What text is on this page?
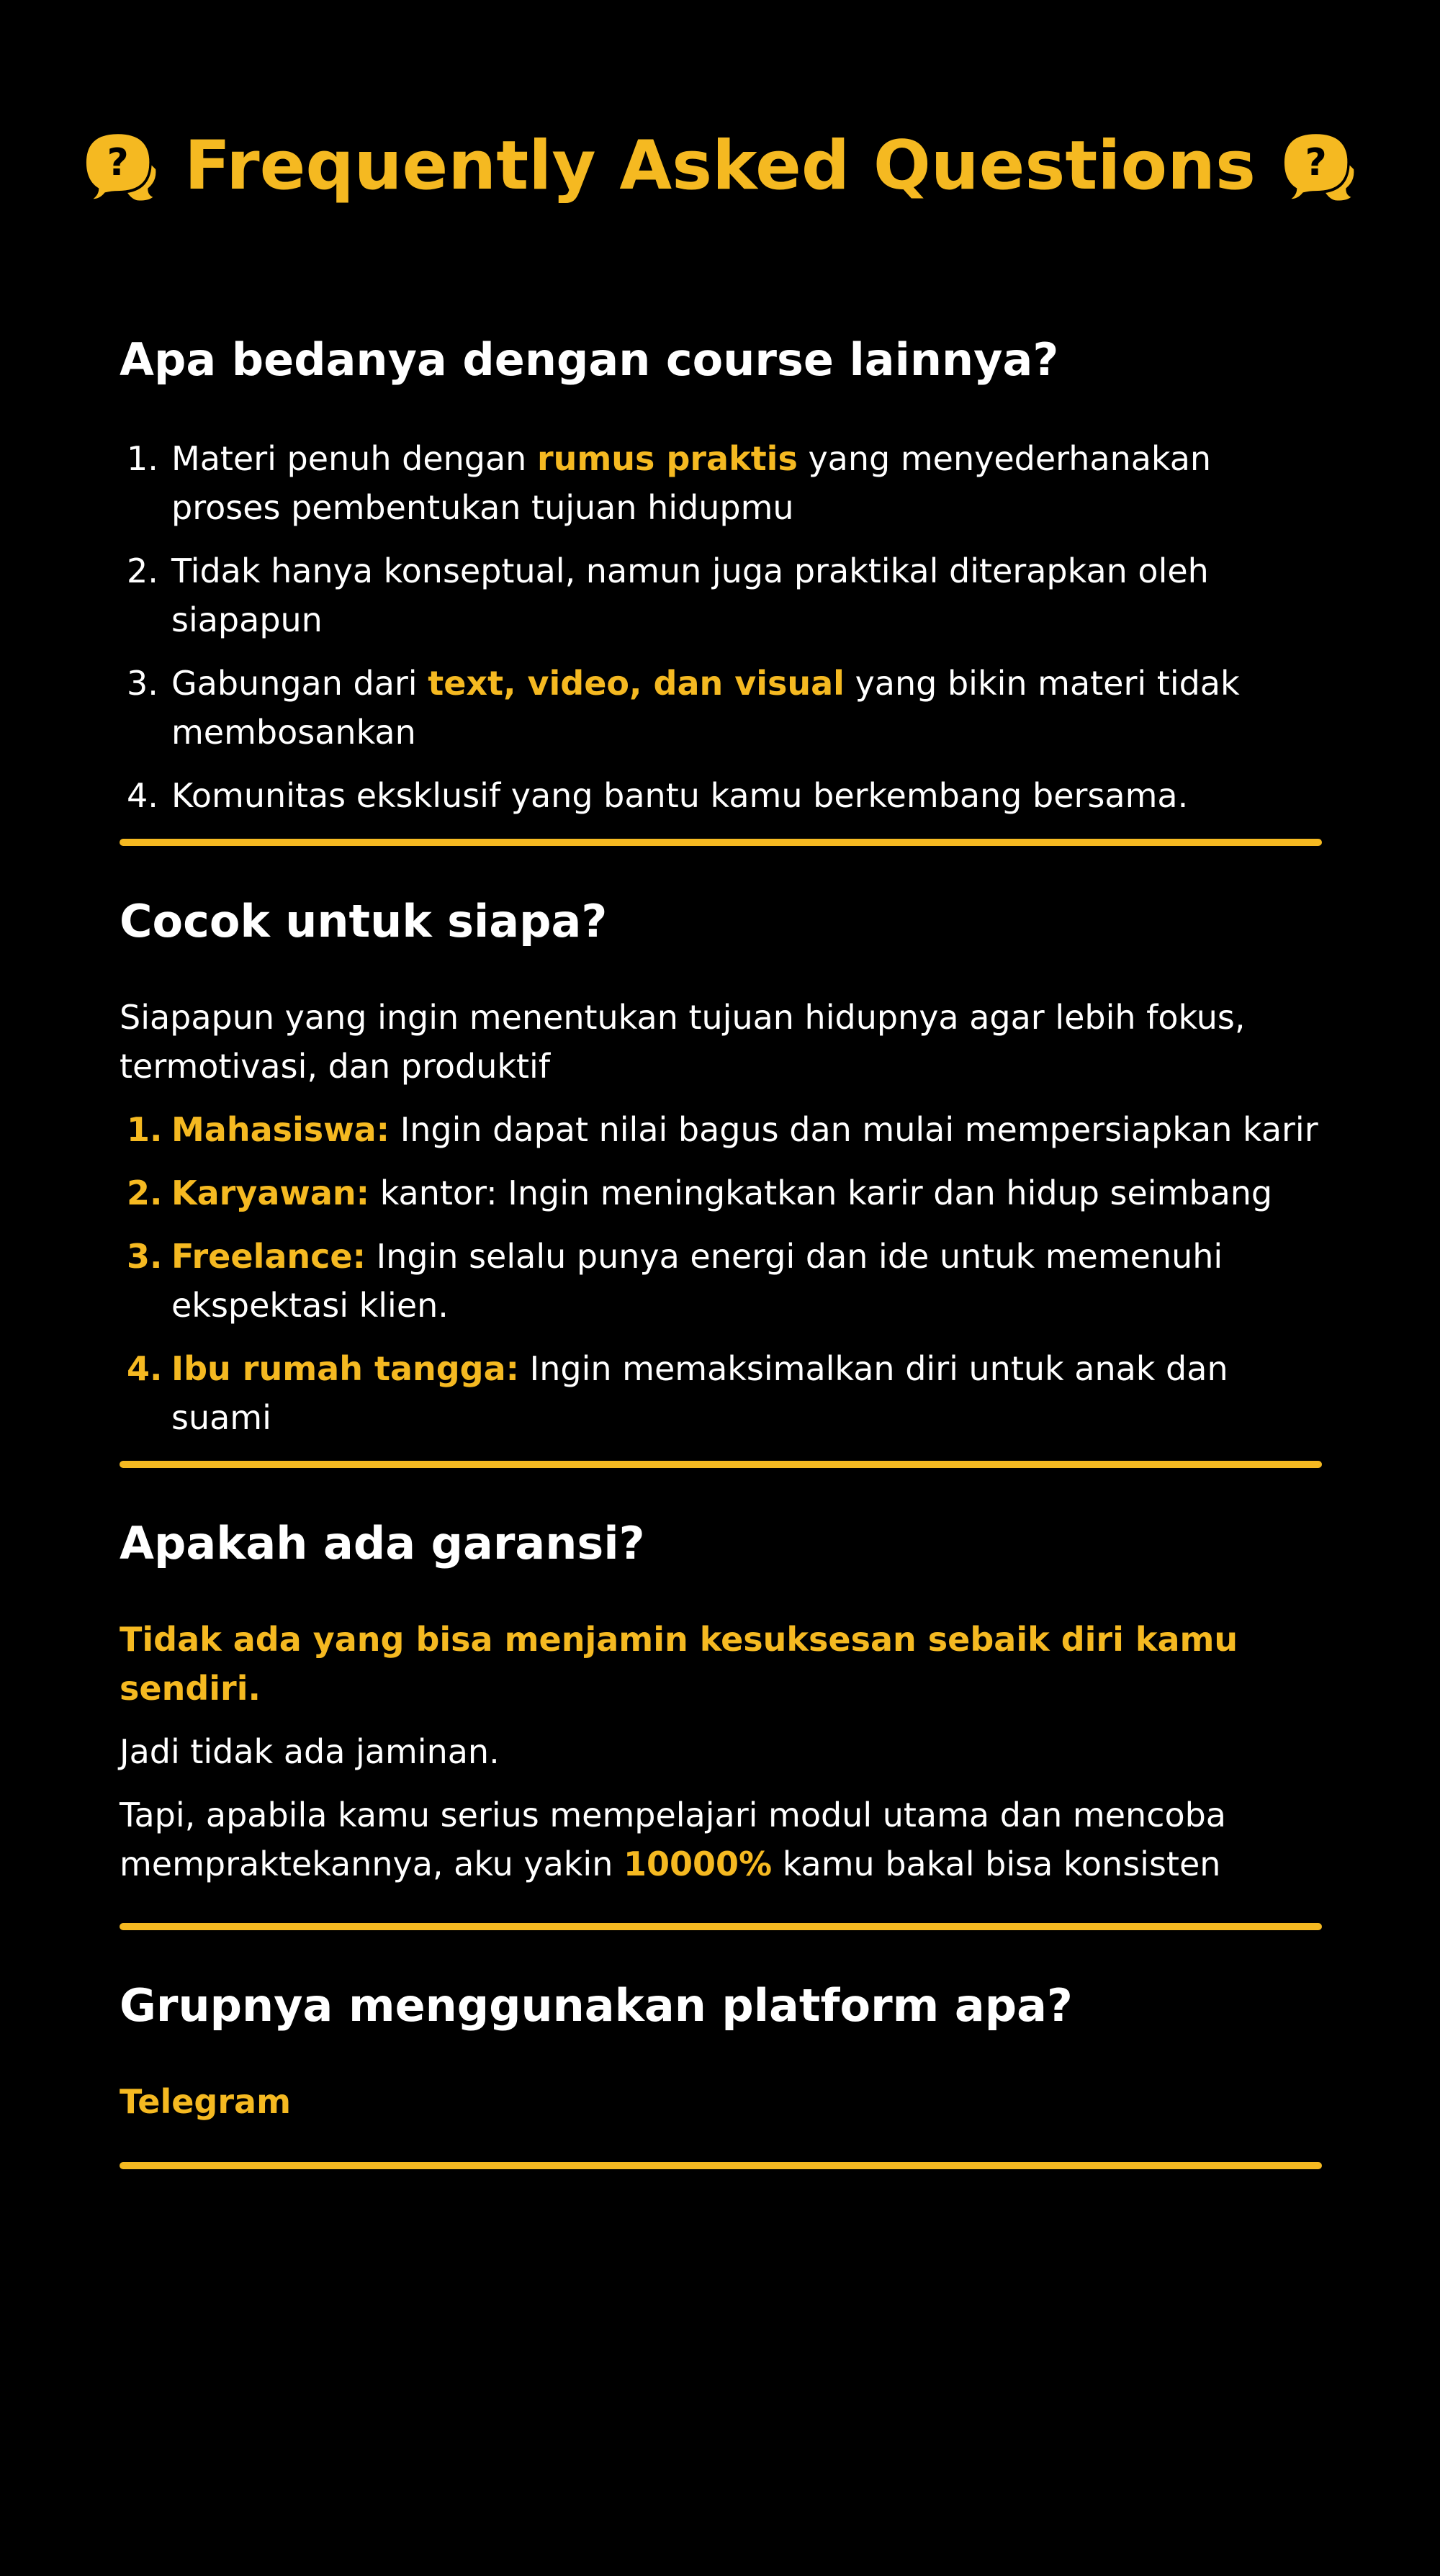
? Frequently Asked Questions ?
Apa bedanya dengan course lainnya?
1. Materi penuh dengan rumus praktis yang menyederhanakan proses pembentukan tujuan hidupmu
2. Tidak hanya konseptual, namun juga praktikal diterapkan oleh siapapun
3. Gabungan dari text, video, dan visual yang bikin materi tidak membosankan
4. Komunitas eksklusif yang bantu kamu berkembang bersama.
Cocok untuk siapa?

Siapapun yang ingin menentukan tujuan hidupnya agar lebih fokus, termotivasi, dan produktif

1. Mahasiswa: Ingin dapat nilai bagus dan mulai mempersiapkan karir
2. Karyawan: kantor: Ingin meningkatkan karir dan hidup seimbang
3. Freelance: Ingin selalu punya energi dan ide untuk memenuhi ekspektasi klien.
4. Ibu rumah tangga: Ingin memaksimalkan diri untuk anak dan suami
Apakah ada garansi?

Tidak ada yang bisa menjamin kesuksesan sebaik diri kamu sendiri.

Jadi tidak ada jaminan.

Tapi, apabila kamu serius mempelajari modul utama dan mencoba mempraktekannya, aku yakin 10000% kamu bakal bisa konsisten

Grupnya menggunakan platform apa?

Telegram
